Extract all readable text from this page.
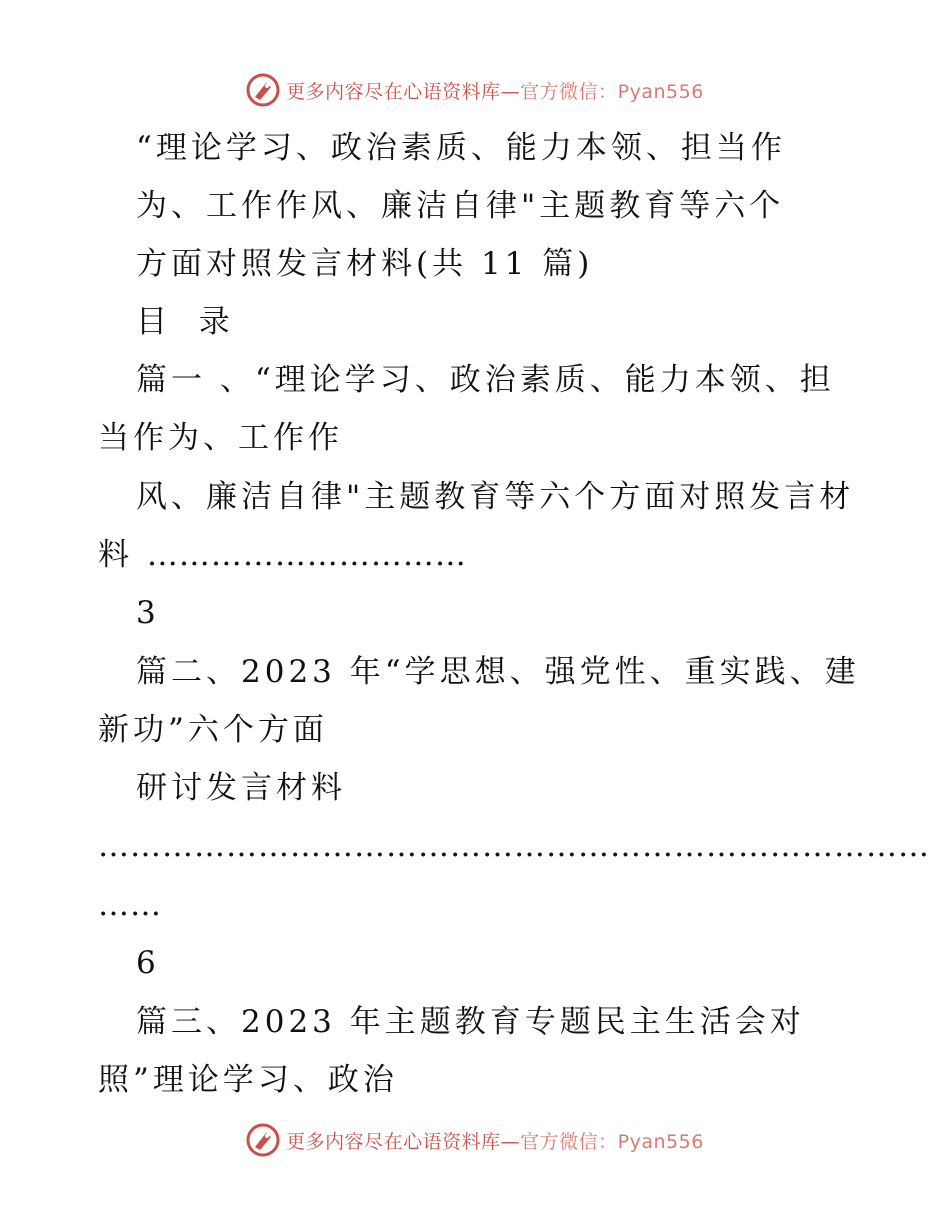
更多内容尽在心语资料库—官方微信：Pyan556
“理论学习、政治素质、能力本领、担当作
为、工作作风、廉洁自律"主题教育等六个
方面对照发言材料(共 11 篇)
目  录
篇一 、“理论学习、政治素质、能力本领、担
当作为、工作作
风、廉洁自律"主题教育等六个方面对照发言材
料 …………………………
3
篇二、2023 年“学思想、强党性、重实践、建
新功”六个方面
研讨发言材料
……………………………………………………………………
……
6
篇三、2023 年主题教育专题民主生活会对
照”理论学习、政治
更多内容尽在心语资料库—官方微信：Pyan556
